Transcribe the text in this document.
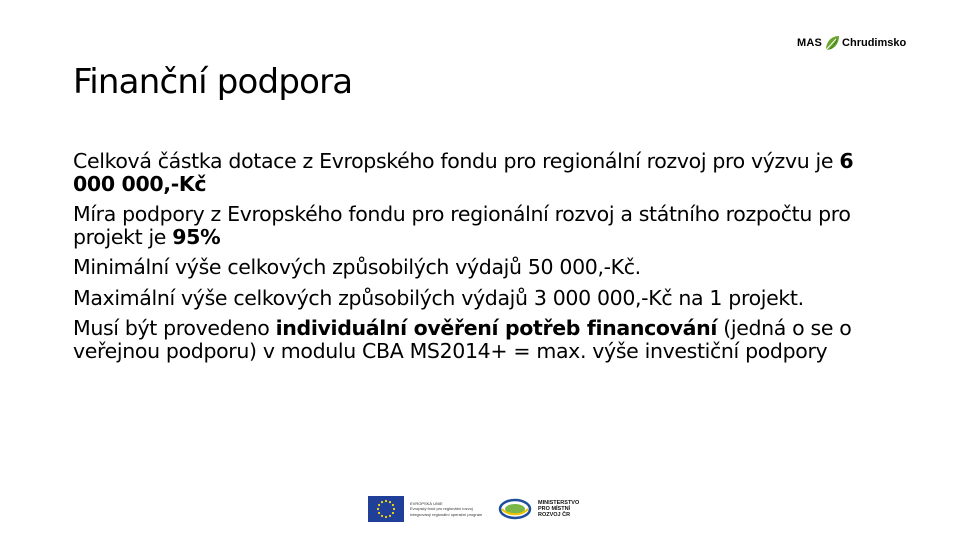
MAS Chrudimsko
Finanční podpora

Celková částka dotace z Evropského fondu pro regionální rozvoj pro výzvu je 6 000 000,-Kč

Míra podpory z Evropského fondu pro regionální rozvoj a státního rozpočtu pro projekt je 95%

Minimální výše celkových způsobilých výdajů 50 000,-Kč.

Maximální výše celkových způsobilých výdajů 3 000 000,-Kč na 1 projekt.

Musí být provedeno individuální ověření potřeb financování (jedná o se o veřejnou podporu) v modulu CBA MS2014+ = max. výše investiční podpory

EVROPSKÁ UNIE
Evropský fond pro regionální rozvoj
Integrovaný regionální operační program
MINISTERSTVO
PRO MÍSTNÍ
ROZVOJ ČR
